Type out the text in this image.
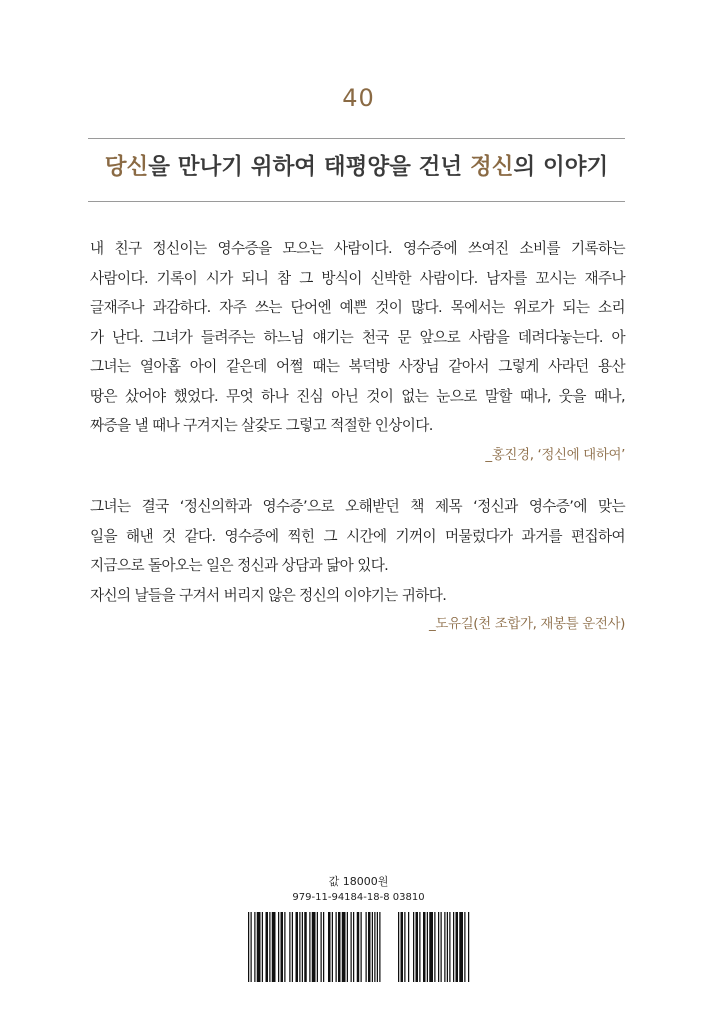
40
당신을 만나기 위하여 태평양을 건넌 정신의 이야기
내 친구 정신이는 영수증을 모으는 사람이다. 영수증에 쓰여진 소비를 기록하는
사람이다. 기록이 시가 되니 참 그 방식이 신박한 사람이다. 남자를 꼬시는 재주나
글재주나 과감하다. 자주 쓰는 단어엔 예쁜 것이 많다. 목에서는 위로가 되는 소리
가 난다. 그녀가 들려주는 하느님 얘기는 천국 문 앞으로 사람을 데려다놓는다. 아
그녀는 열아홉 아이 같은데 어쩔 때는 복덕방 사장님 같아서 그렇게 사라던 용산
땅은 샀어야 했었다. 무엇 하나 진심 아닌 것이 없는 눈으로 말할 때나, 웃을 때나,
짜증을 낼 때나 구겨지는 살갗도 그렇고 적절한 인상이다.
_홍진경, ‘정신에 대하여’
그녀는 결국 ‘정신의학과 영수증’으로 오해받던 책 제목 ‘정신과 영수증’에 맞는
일을 해낸 것 같다. 영수증에 찍힌 그 시간에 기꺼이 머물렀다가 과거를 편집하여
지금으로 돌아오는 일은 정신과 상담과 닮아 있다.
자신의 날들을 구겨서 버리지 않은 정신의 이야기는 귀하다.
_도유길(천 조합가, 재봉틀 운전사)
값 18000원
979-11-94184-18-8 03810
